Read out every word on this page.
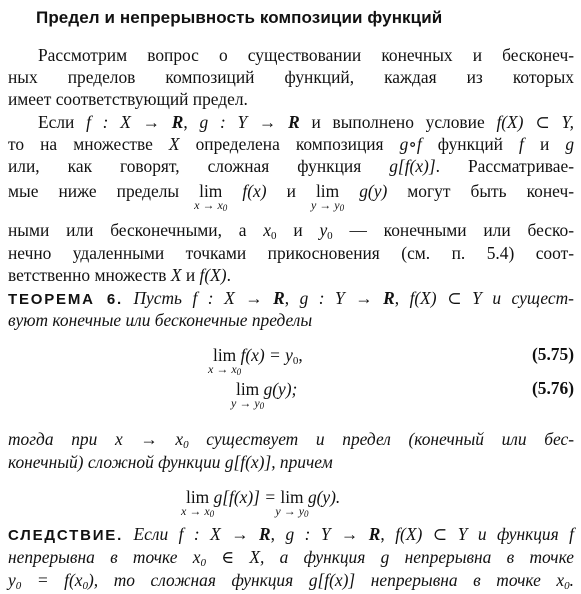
Предел и непрерывность композиции функций
Рассмотрим вопрос о существовании конечных и бесконеч-
ных пределов композиций функций, каждая из которых
имеет соответствующий предел.
Если f : X → R, g : Y → R и выполнено условие f(X) ⊂ Y,
то на множестве X определена композиция g∘f функций f и g
или, как говорят, сложная функция g[f(x)]. Рассматривае-
мые ниже пределы lim
$x \to x_0$
f(x) и lim
$y \to y_0$
g(y) могут быть конеч-
ными или бесконечными, а $x_0$ и $y_0$ — конечными или беско-
нечно удаленными точками прикосновения (см. п. 5.4) соот-
ветственно множеств X и f(X).
ТЕОРЕМА 6. Пусть f : X → R, g : Y → R, f(X) ⊂ Y и сущест-
вуют конечные или бесконечные пределы
lim
$x \to x_0$
$f(x) = y_0$,	(5.75)
lim
$y \to y_0$
g(y);	(5.76)
тогда при $x \to x_0$ существует и предел (конечный или бес-
конечный) сложной функции g[f(x)], причем
lim
$x \to x_0$
g[f(x)] = lim
$y \to y_0$
g(y).
СЛЕДСТВИЕ. Если f : X → R, g : Y → R, f(X) ⊂ Y и функция f
непрерывна в точке $x_0$ ∈ X, а функция g непрерывна в точке
$y_0 = f(x_0)$, то сложная функция g[f(x)] непрерывна в точке $x_0$.
